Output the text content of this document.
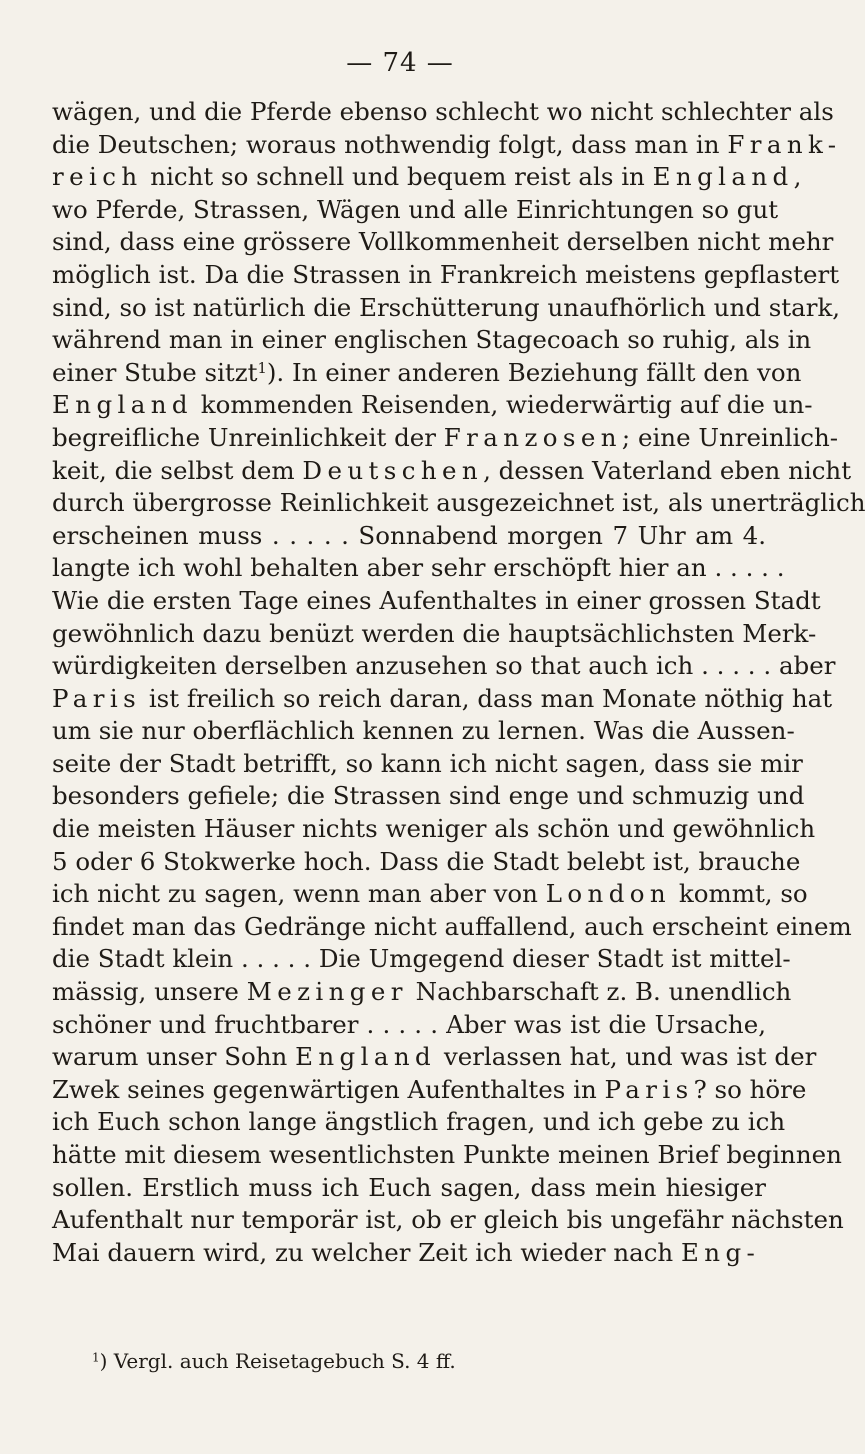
— 74 —
wägen, und die Pferde ebenso schlecht wo nicht schlechter als
die Deutschen; woraus nothwendig folgt, dass man in Frank-
reich nicht so schnell und bequem reist als in England,
wo Pferde, Strassen, Wägen und alle Einrichtungen so gut
sind, dass eine grössere Vollkommenheit derselben nicht mehr
möglich ist. Da die Strassen in Frankreich meistens gepflastert
sind, so ist natürlich die Erschütterung unaufhörlich und stark,
während man in einer englischen Stagecoach so ruhig, als in
einer Stube sitzt$^1$). In einer anderen Beziehung fällt den von
England kommenden Reisenden, wiederwärtig auf die un-
begreifliche Unreinlichkeit der Franzosen; eine Unreinlich-
keit, die selbst dem Deutschen, dessen Vaterland eben nicht
durch übergrosse Reinlichkeit ausgezeichnet ist, als unerträglich
erscheinen muss . . . . . Sonnabend morgen 7 Uhr am 4.
langte ich wohl behalten aber sehr erschöpft hier an . . . . .
Wie die ersten Tage eines Aufenthaltes in einer grossen Stadt
gewöhnlich dazu benüzt werden die hauptsächlichsten Merk-
würdigkeiten derselben anzusehen so that auch ich . . . . . aber
Paris ist freilich so reich daran, dass man Monate nöthig hat
um sie nur oberflächlich kennen zu lernen. Was die Aussen-
seite der Stadt betrifft, so kann ich nicht sagen, dass sie mir
besonders gefiele; die Strassen sind enge und schmuzig und
die meisten Häuser nichts weniger als schön und gewöhnlich
5 oder 6 Stokwerke hoch. Dass die Stadt belebt ist, brauche
ich nicht zu sagen, wenn man aber von London kommt, so
findet man das Gedränge nicht auffallend, auch erscheint einem
die Stadt klein . . . . . Die Umgegend dieser Stadt ist mittel-
mässig, unsere Mezinger Nachbarschaft z. B. unendlich
schöner und fruchtbarer . . . . . Aber was ist die Ursache,
warum unser Sohn England verlassen hat, und was ist der
Zwek seines gegenwärtigen Aufenthaltes in Paris? so höre
ich Euch schon lange ängstlich fragen, und ich gebe zu ich
hätte mit diesem wesentlichsten Punkte meinen Brief beginnen
sollen. Erstlich muss ich Euch sagen, dass mein hiesiger
Aufenthalt nur temporär ist, ob er gleich bis ungefähr nächsten
Mai dauern wird, zu welcher Zeit ich wieder nach Eng-
$^1$) Vergl. auch Reisetagebuch S. 4 ff.
